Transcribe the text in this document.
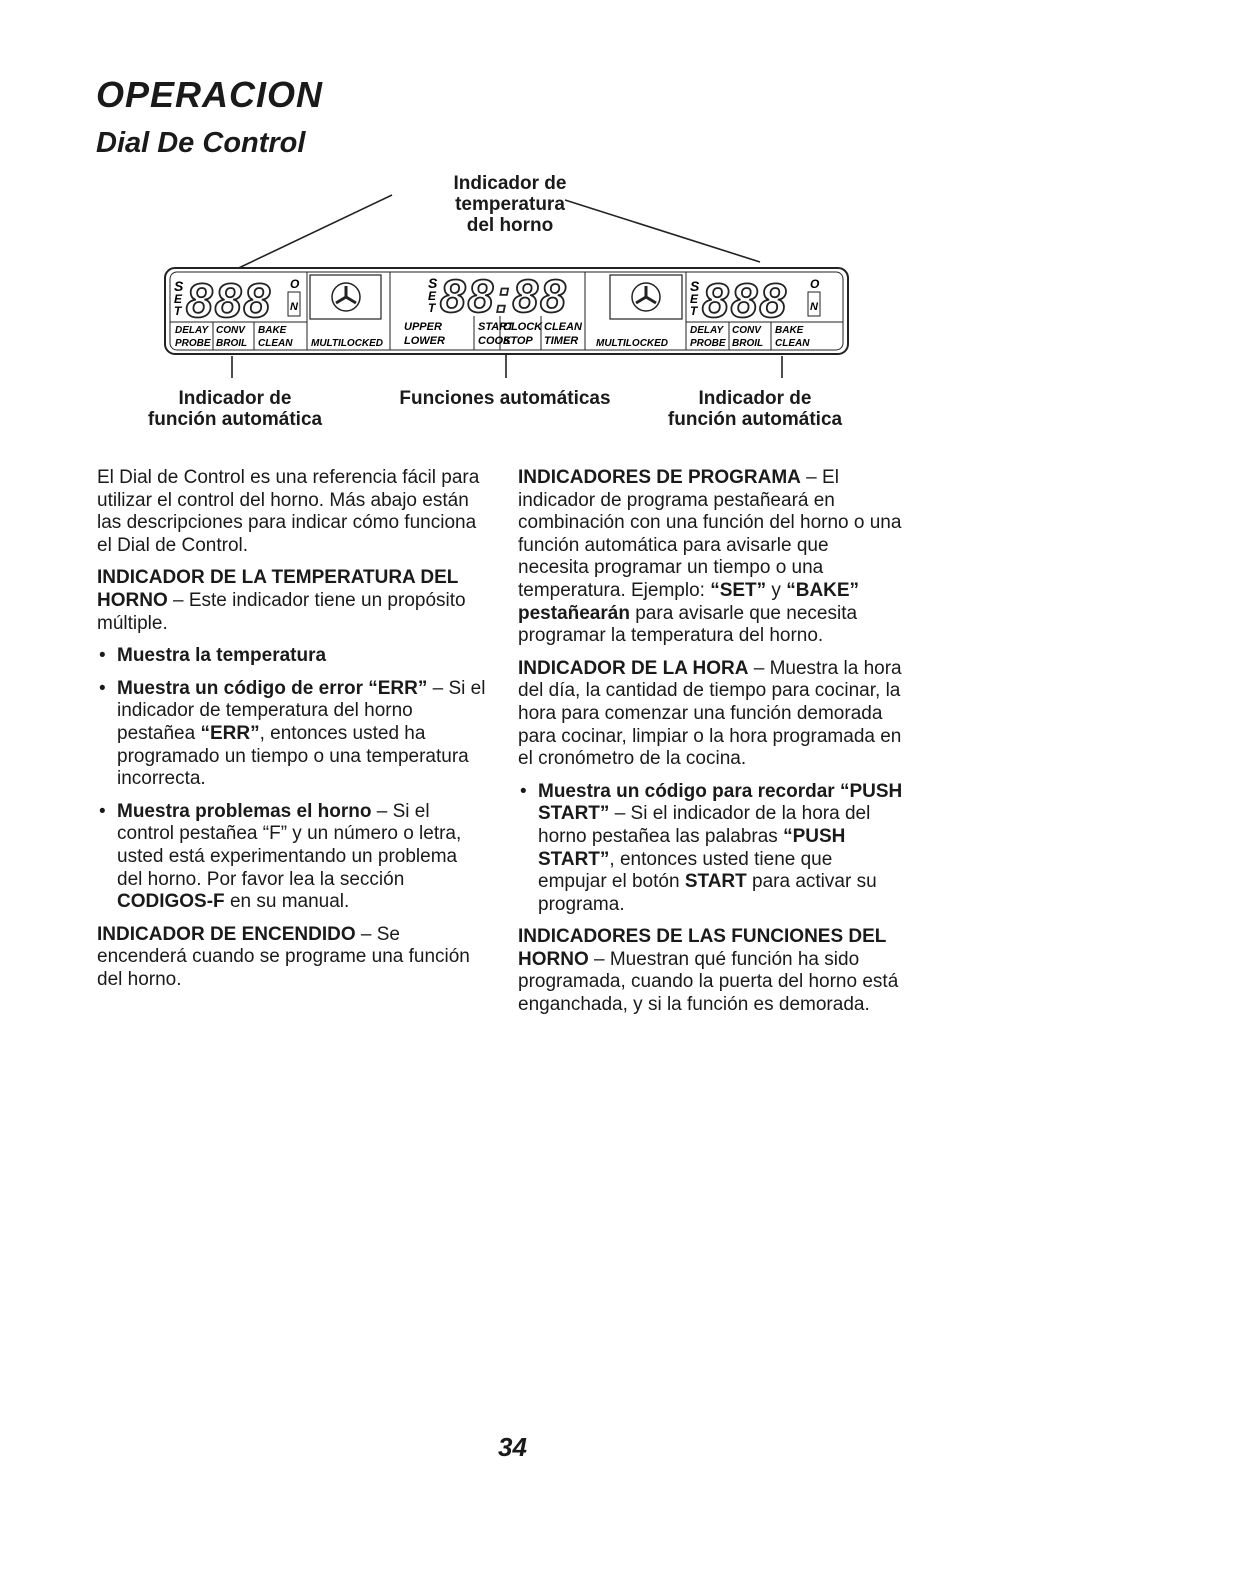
OPERACION
Dial De Control
S
E
T 888 O
N
DELAY CONV BAKE
PROBE BROIL CLEAN MULTILOCKED
S
E
T 88:88
UPPER	START
CLOCK CLEAN
LOWER	COOK
STOP TIMER
S
E
T 888 O
N
MULTILOCKED
DELAY CONV BAKE
PROBE BROIL CLEAN
Indicador de
temperatura
del horno
Indicador de
función automática
Funciones automáticas	Indicador de
función automática

El Dial de Control es una referencia fácil para utilizar el control del horno. Más abajo están las descripciones para indicar cómo funciona el Dial de Control.

INDICADOR DE LA TEMPERATURA DEL HORNO – Este indicador tiene un propósito múltiple.

• Muestra la temperatura
• Muestra un código de error “ERR” – Si el indicador de temperatura del horno pestañea “ERR”, entonces usted ha programado un tiempo o una temperatura incorrecta.
• Muestra problemas el horno – Si el control pestañea “F” y un número o letra, usted está experimentando un problema del horno. Por favor lea la sección CODIGOS-F en su manual.

INDICADOR DE ENCENDIDO – Se encenderá cuando se programe una función del horno.

INDICADORES DE PROGRAMA – El indicador de programa pestañeará en combinación con una función del horno o una función automática para avisarle que necesita programar un tiempo o una temperatura. Ejemplo: “SET” y “BAKE” pestañearán para avisarle que necesita programar la temperatura del horno.

INDICADOR DE LA HORA – Muestra la hora del día, la cantidad de tiempo para cocinar, la hora para comenzar una función demorada para cocinar, limpiar o la hora programada en el cronómetro de la cocina.

• Muestra un código para recordar “PUSH START” – Si el indicador de la hora del horno pestañea las palabras “PUSH START”, entonces usted tiene que empujar el botón START para activar su programa.

INDICADORES DE LAS FUNCIONES DEL HORNO – Muestran qué función ha sido programada, cuando la puerta del horno está enganchada, y si la función es demorada.

34
